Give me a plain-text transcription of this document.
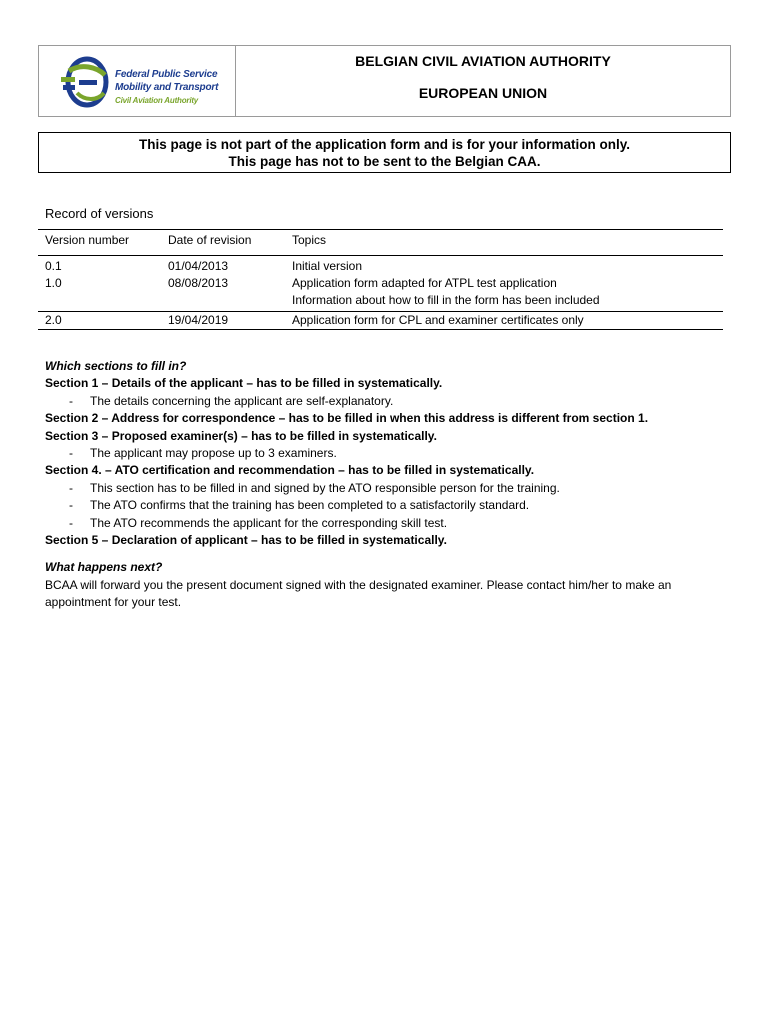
Federal Public Service
Mobility and Transport
Civil Aviation Authority
BELGIAN CIVIL AVIATION AUTHORITY
EUROPEAN UNION
This page is not part of the application form and is for your information only.
This page has not to be sent to the Belgian CAA.
Record of versions
Version number	Date of revision	Topics
0.1	01/04/2013	Initial version
1.0	08/08/2013	Application form adapted for ATPL test application
Information about how to fill in the form has been included
2.0	19/04/2019	Application form for CPL and examiner certificates only
Which sections to fill in?
Section 1 – Details of the applicant – has to be filled in systematically.
-	The details concerning the applicant are self-explanatory.
Section 2 – Address for correspondence – has to be filled in when this address is different from section 1.
Section 3 – Proposed examiner(s) – has to be filled in systematically.
-	The applicant may propose up to 3 examiners.
Section 4. – ATO certification and recommendation – has to be filled in systematically.
-	This section has to be filled in and signed by the ATO responsible person for the training.
-	The ATO confirms that the training has been completed to a satisfactorily standard.
-	The ATO recommends the applicant for the corresponding skill test.
Section 5 – Declaration of applicant – has to be filled in systematically.
What happens next?
BCAA will forward you the present document signed with the designated examiner. Please contact him/her to make an appointment for your test.
